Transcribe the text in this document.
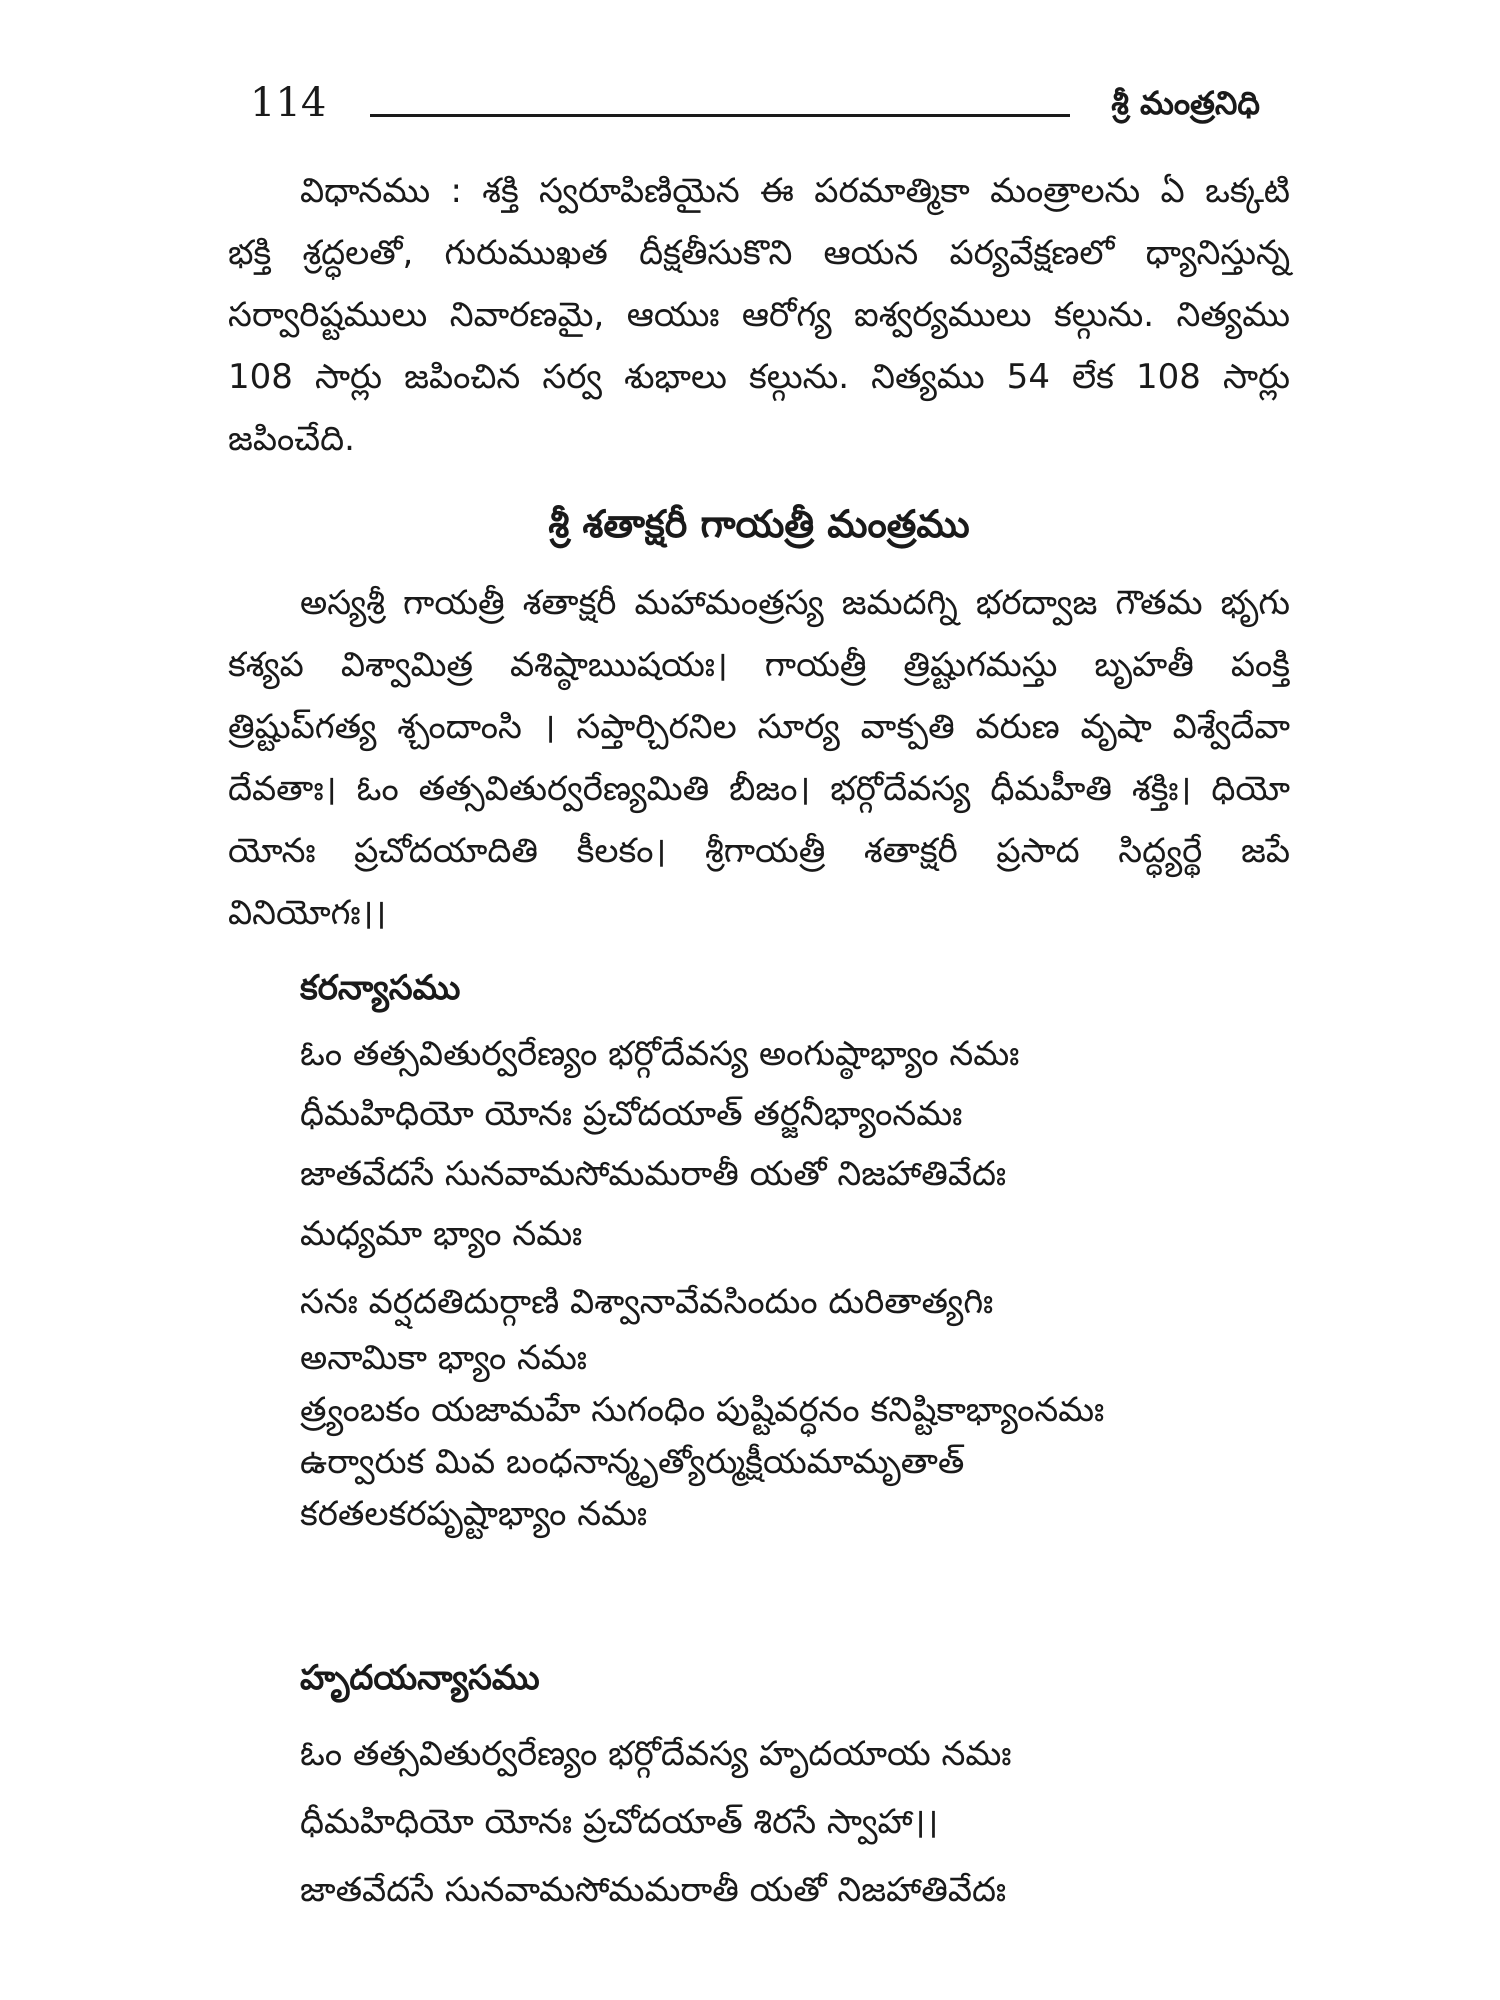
114	శ్రీ మంత్రనిధి

విధానము : శక్తి స్వరూపిణియైన ఈ పరమాత్మికా మంత్రాలను ఏ ఒక్కటి భక్తి శ్రద్ధలతో, గురుముఖత దీక్షతీసుకొని ఆయన పర్యవేక్షణలో ధ్యానిస్తున్న సర్వారిష్టములు నివారణమై, ఆయుః ఆరోగ్య ఐశ్వర్యములు కల్గును. నిత్యము 108 సార్లు జపించిన సర్వ శుభాలు కల్గును. నిత్యము 54 లేక 108 సార్లు జపించేది.

శ్రీ శతాక్షరీ గాయత్రీ మంత్రము

అస్యశ్రీ గాయత్రీ శతాక్షరీ మహామంత్రస్య జమదగ్ని భరద్వాజ గౌతమ భృగు కశ్యప విశ్వామిత్ర వశిష్ఠాఋషయః। గాయత్రీ త్రిష్టుగమస్తు బృహతీ పంక్తి త్రిష్టుప్‌గత్య శ్చందాంసి । సప్తార్చిరనిల సూర్య వాక్పతి వరుణ వృషా విశ్వేదేవా దేవతాః। ఓం తత్సవితుర్వరేణ్యమితి బీజం। భర్గోదేవస్య ధీమహీతి శక్తిః। ధియో యోనః ప్రచోదయాదితి కీలకం। శ్రీగాయత్రీ శతాక్షరీ ప్రసాద సిద్ధ్యర్థే జపే వినియోగః।।

కరన్యాసము
ఓం తత్సవితుర్వరేణ్యం భర్గోదేవస్య అంగుష్ఠాభ్యాం నమః
ధీమహిధియో యోనః ప్రచోదయాత్ తర్జనీభ్యాంనమః
జాతవేదసే సునవామసోమమరాతీ యతో నిజహాతివేదః
మధ్యమా భ్యాం నమః
సనః వర్షదతిదుర్గాణి విశ్వానావేవసిందుం దురితాత్యగిః
అనామికా భ్యాం నమః
త్ర్యంబకం యజామహే సుగంధిం పుష్టివర్ధనం కనిష్టికాభ్యాంనమః
ఉర్వారుక మివ బంధనాన్మృత్యోర్ముక్షీయమామృతాత్
కరతలకరపృష్టాభ్యాం నమః
హృదయన్యాసము
ఓం తత్సవితుర్వరేణ్యం భర్గోదేవస్య హృదయాయ నమః
ధీమహిధియో యోనః ప్రచోదయాత్ శిరసే స్వాహా।।
జాతవేదసే సునవామసోమమరాతీ యతో నిజహాతివేదః
